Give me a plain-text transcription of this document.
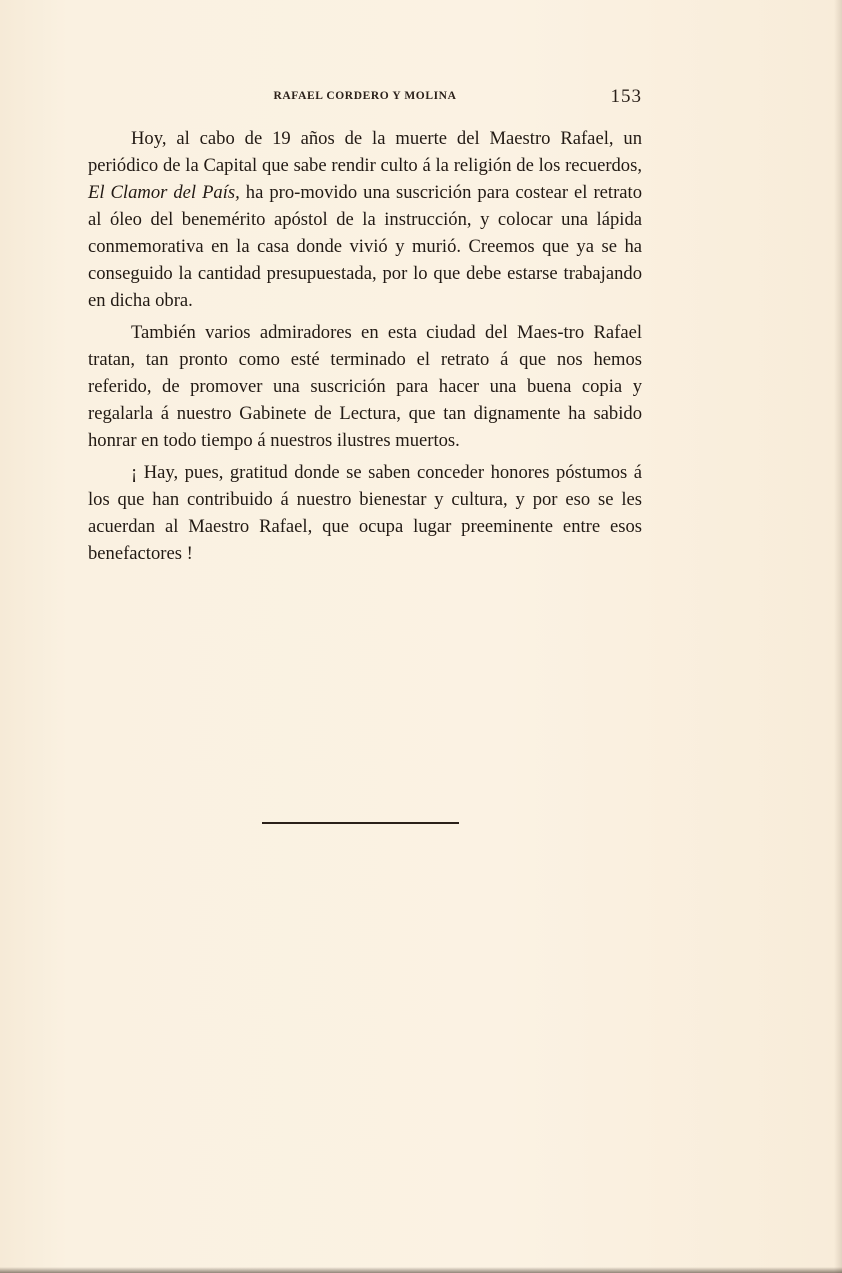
RAFAEL CORDERO Y MOLINA	153

Hoy, al cabo de 19 años de la muerte del Maestro Rafael, un periódico de la Capital que sabe rendir culto á la religión de los recuerdos, El Clamor del País, ha pro-movido una suscrición para costear el retrato al óleo del benemérito apóstol de la instrucción, y colocar una lápida conmemorativa en la casa donde vivió y murió. Creemos que ya se ha conseguido la cantidad presupuestada, por lo que debe estarse trabajando en dicha obra.

También varios admiradores en esta ciudad del Maes-tro Rafael tratan, tan pronto como esté terminado el retrato á que nos hemos referido, de promover una suscrición para hacer una buena copia y regalarla á nuestro Gabinete de Lectura, que tan dignamente ha sabido honrar en todo tiempo á nuestros ilustres muertos.

¡ Hay, pues, gratitud donde se saben conceder honores póstumos á los que han contribuido á nuestro bienestar y cultura, y por eso se les acuerdan al Maestro Rafael, que ocupa lugar preeminente entre esos benefactores !
